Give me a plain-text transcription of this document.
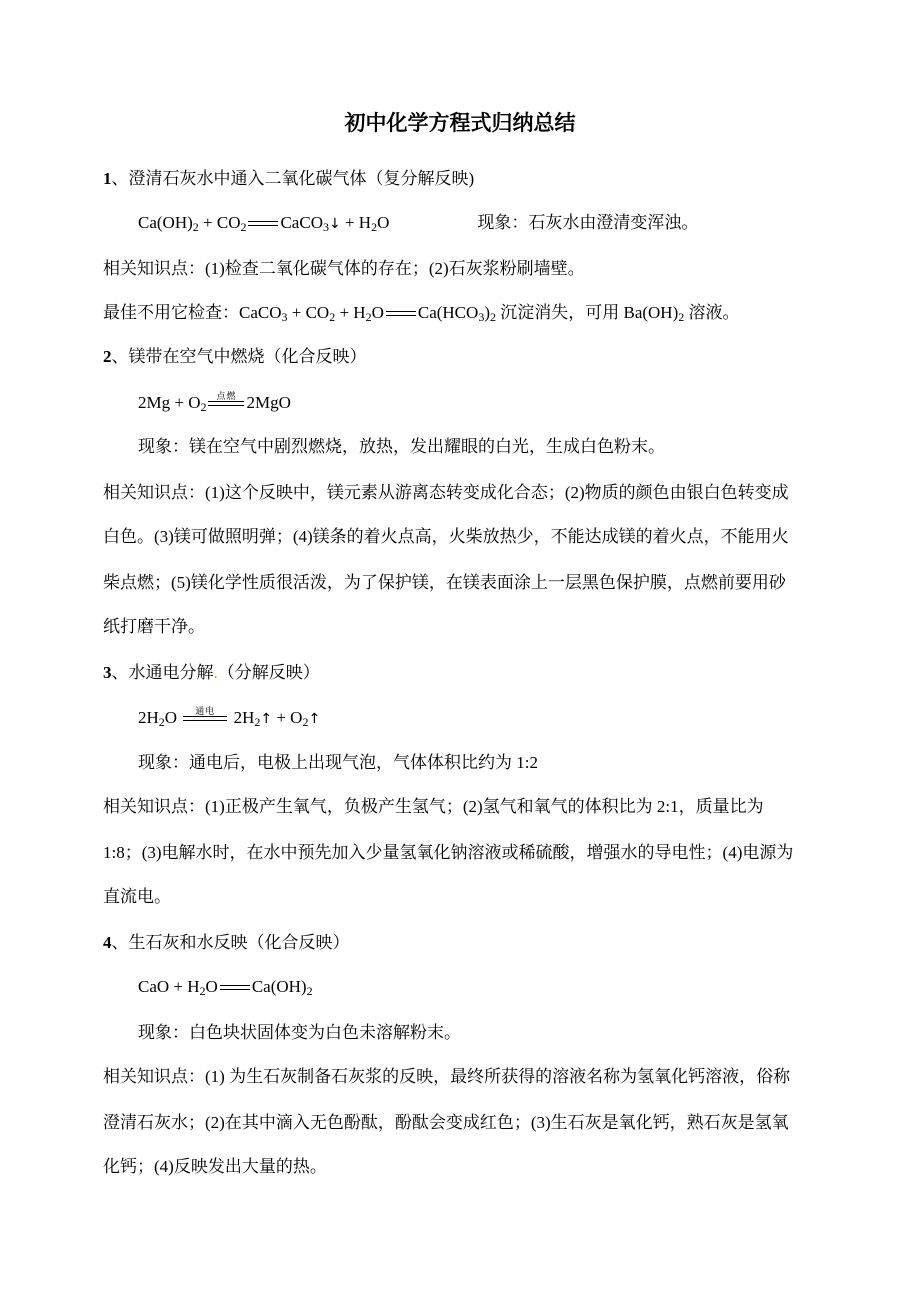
初中化学方程式归纳总结
1、澄清石灰水中通入二氧化碳气体（复分解反映)
$Ca(OH)_2 + CO_2$ CaCO$_3$↓ + $H_2O$	现象：石灰水由澄清变浑浊。
相关知识点：(1)检查二氧化碳气体的存在；(2)石灰浆粉刷墙壁。
最佳不用它检查：CaCO$_3$ + $CO_2 + H_2O$ $Ca(HCO_3)_2$ 沉淀消失，可用 $Ba(OH)_2$ 溶液。
2、镁带在空气中燃烧（化合反映）
$2Mg + O_2$
点燃 2MgO
现象：镁在空气中剧烈燃烧，放热，发出耀眼的白光，生成白色粉末。
相关知识点：(1)这个反映中，镁元素从游离态转变成化合态；(2)物质的颜色由银白色转变成
白色。(3)镁可做照明弹；(4)镁条的着火点高，火柴放热少，不能达成镁的着火点，不能用火
柴点燃；(5)镁化学性质很活泼，为了保护镁，在镁表面涂上一层黑色保护膜，点燃前要用砂
纸打磨干净。
3、水通电分解.（分解反映）
$2H_2O$	通电	$2H_2↑$ + $O_2↑$
现象：通电后，电极上出现气泡，气体体积比约为 1:2
相关知识点：(1)正极产生氧气，负极产生氢气；(2)氢气和氧气的体积比为 2:1，质量比为
1:8；(3)电解水时，在水中预先加入少量氢氧化钠溶液或稀硫酸，增强水的导电性；(4)电源为
直流电。
4、生石灰和水反映（化合反映）
CaO + $H_2O$ $Ca(OH)_2$
现象：白色块状固体变为白色未溶解粉末。
相关知识点：(1) 为生石灰制备石灰浆的反映，最终所获得的溶液名称为氢氧化钙溶液，俗称
澄清石灰水；(2)在其中滴入无色酚酞，酚酞会变成红色；(3)生石灰是氧化钙，熟石灰是氢氧
化钙；(4)反映发出大量的热。
